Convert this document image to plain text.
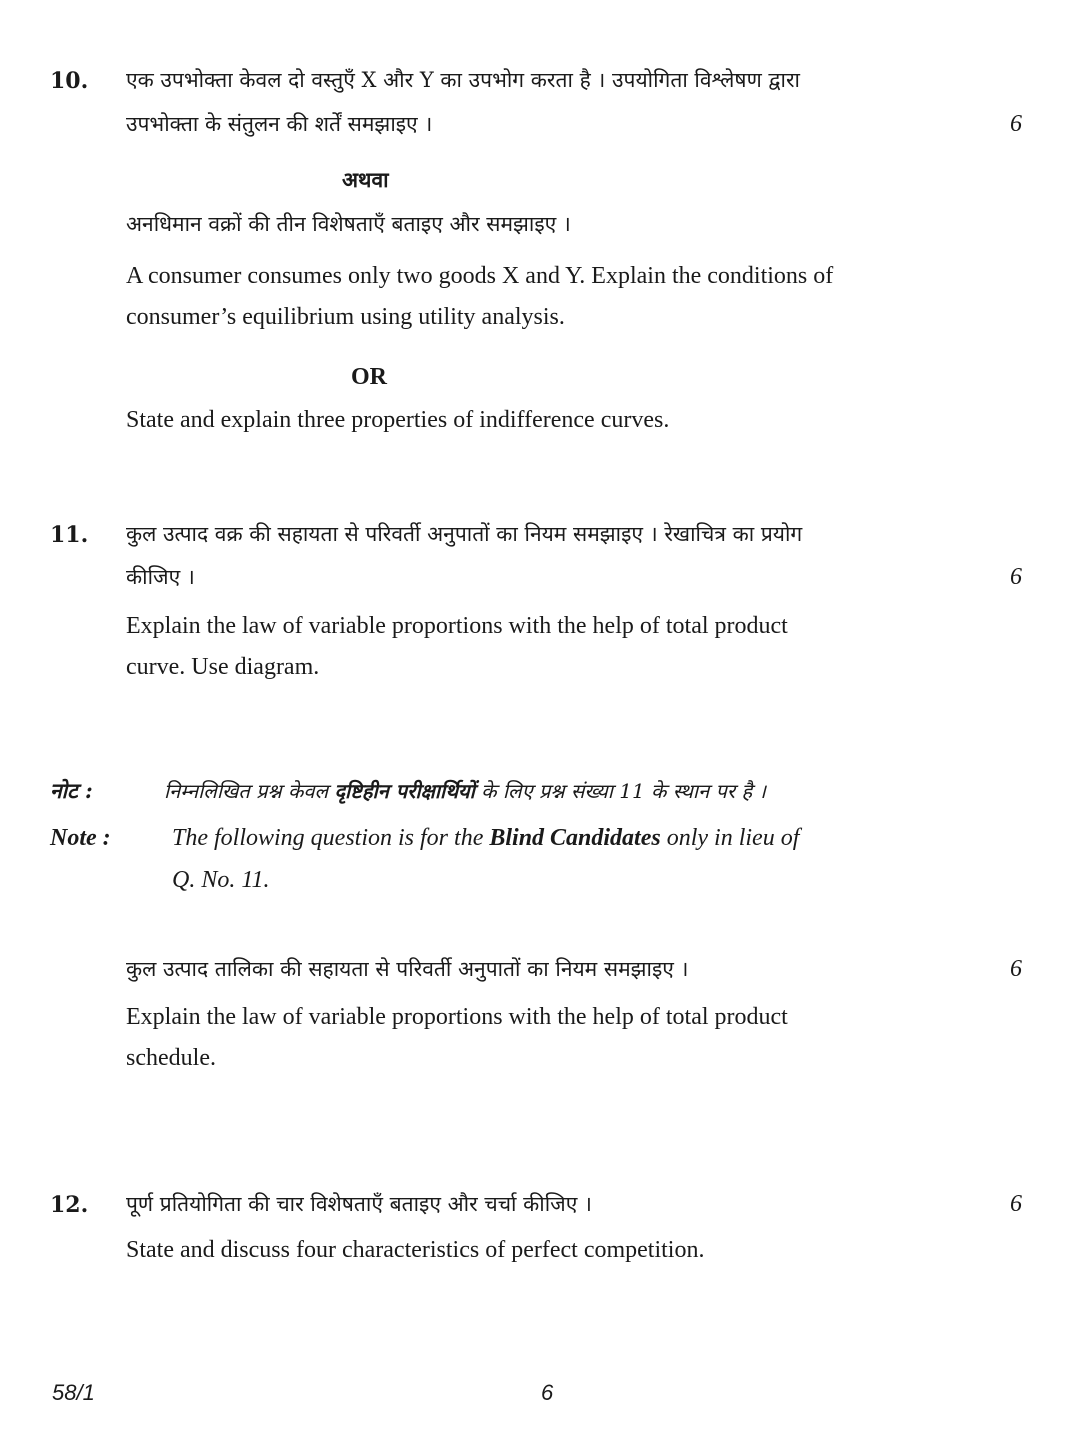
10. एक उपभोक्ता केवल दो वस्तुएँ X और Y का उपभोग करता है । उपयोगिता विश्लेषण द्वारा
उपभोक्ता के संतुलन की शर्तें समझाइए ।	6
अथवा
अनधिमान वक्रों की तीन विशेषताएँ बताइए और समझाइए ।
A consumer consumes only two goods X and Y. Explain the conditions of
consumer’s equilibrium using utility analysis.
OR
State and explain three properties of indifference curves.
11. कुल उत्पाद वक्र की सहायता से परिवर्ती अनुपातों का नियम समझाइए । रेखाचित्र का प्रयोग
कीजिए ।	6
Explain the law of variable proportions with the help of total product
curve. Use diagram.
नोट :	निम्नलिखित प्रश्न केवल दृष्टिहीन परीक्षार्थियों के लिए प्रश्न संख्या 11 के स्थान पर है ।
Note :	The following question is for the Blind Candidates only in lieu of
Q. No. 11.
कुल उत्पाद तालिका की सहायता से परिवर्ती अनुपातों का नियम समझाइए ।	6
Explain the law of variable proportions with the help of total product
schedule.
12. पूर्ण प्रतियोगिता की चार विशेषताएँ बताइए और चर्चा कीजिए ।	6
State and discuss four characteristics of perfect competition.
58/1	6
